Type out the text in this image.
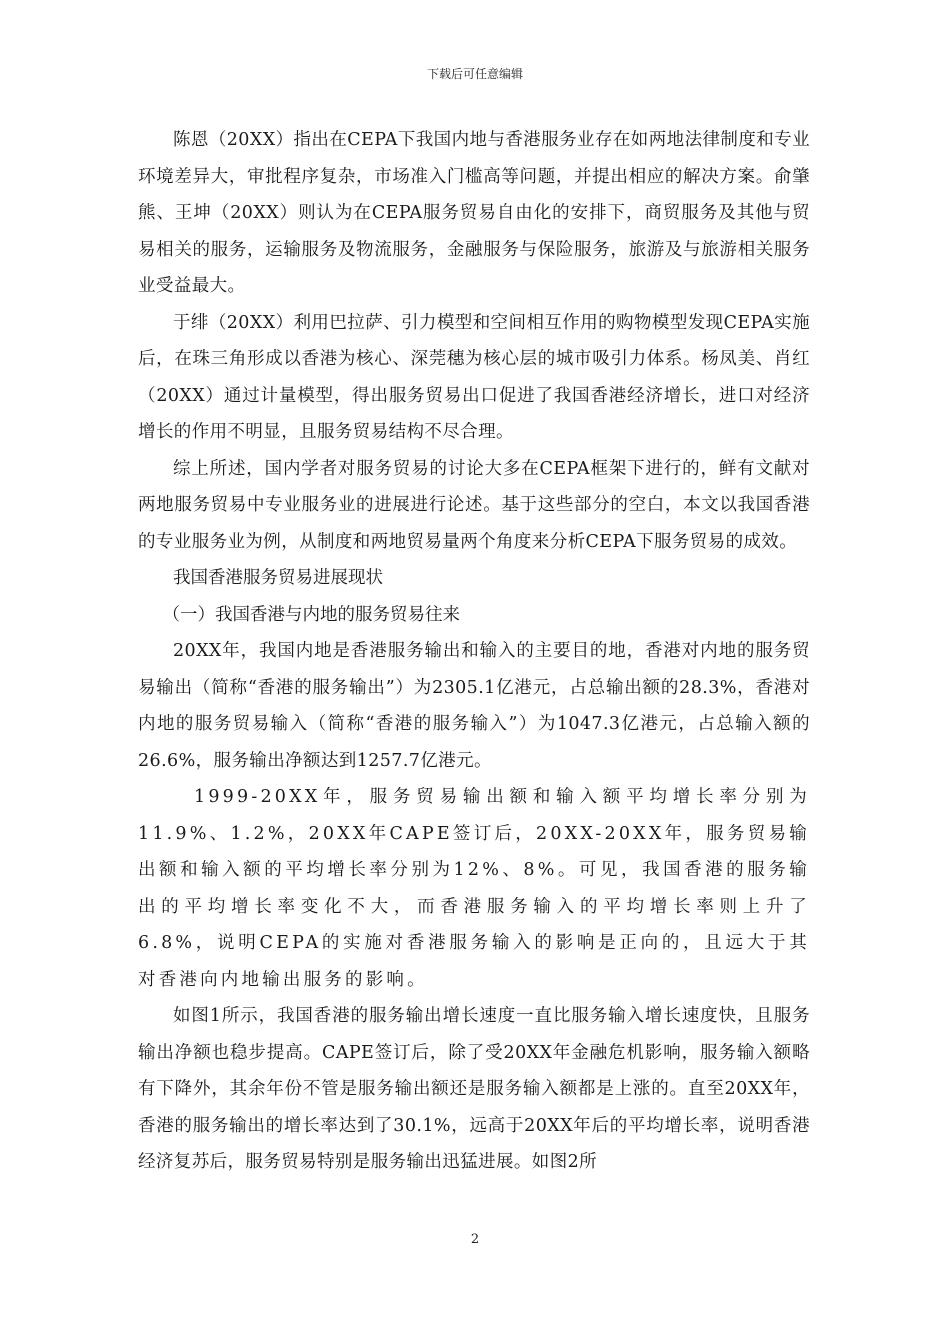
下载后可任意编辑

陈恩（20XX）指出在CEPA下我国内地与香港服务业存在如两地法律制度和专业环境差异大，审批程序复杂，市场准入门槛高等问题，并提出相应的解决方案。俞肇熊、王坤（20XX）则认为在CEPA服务贸易自由化的安排下，商贸服务及其他与贸易相关的服务，运输服务及物流服务，金融服务与保险服务，旅游及与旅游相关服务业受益最大。

于绯（20XX）利用巴拉萨、引力模型和空间相互作用的购物模型发现CEPA实施后，在珠三角形成以香港为核心、深莞穗为核心层的城市吸引力体系。杨凤美、肖红（20XX）通过计量模型，得出服务贸易出口促进了我国香港经济增长，进口对经济增长的作用不明显，且服务贸易结构不尽合理。

综上所述，国内学者对服务贸易的讨论大多在CEPA框架下进行的，鲜有文献对两地服务贸易中专业服务业的进展进行论述。基于这些部分的空白，本文以我国香港的专业服务业为例，从制度和两地贸易量两个角度来分析CEPA下服务贸易的成效。

我国香港服务贸易进展现状

（一）我国香港与内地的服务贸易往来

20XX年，我国内地是香港服务输出和输入的主要目的地，香港对内地的服务贸易输出（简称“香港的服务输出”）为2305.1亿港元，占总输出额的28.3%，香港对内地的服务贸易输入（简称“香港的服务输入”）为1047.3亿港元，占总输入额的26.6%，服务输出净额达到1257.7亿港元。

1999-20XX年，服务贸易输出额和输入额平均增长率分别为11.9%、1.2%，20XX年CAPE签订后，20XX-20XX年，服务贸易输出额和输入额的平均增长率分别为12%、8%。可见，我国香港的服务输出的平均增长率变化不大，而香港服务输入的平均增长率则上升了6.8%，说明CEPA的实施对香港服务输入的影响是正向的，且远大于其对香港向内地输出服务的影响。

如图1所示，我国香港的服务输出增长速度一直比服务输入增长速度快，且服务输出净额也稳步提高。CAPE签订后，除了受20XX年金融危机影响，服务输入额略有下降外，其余年份不管是服务输出额还是服务输入额都是上涨的。直至20XX年，香港的服务输出的增长率达到了30.1%，远高于20XX年后的平均增长率，说明香港经济复苏后，服务贸易特别是服务输出迅猛进展。如图2所

2
